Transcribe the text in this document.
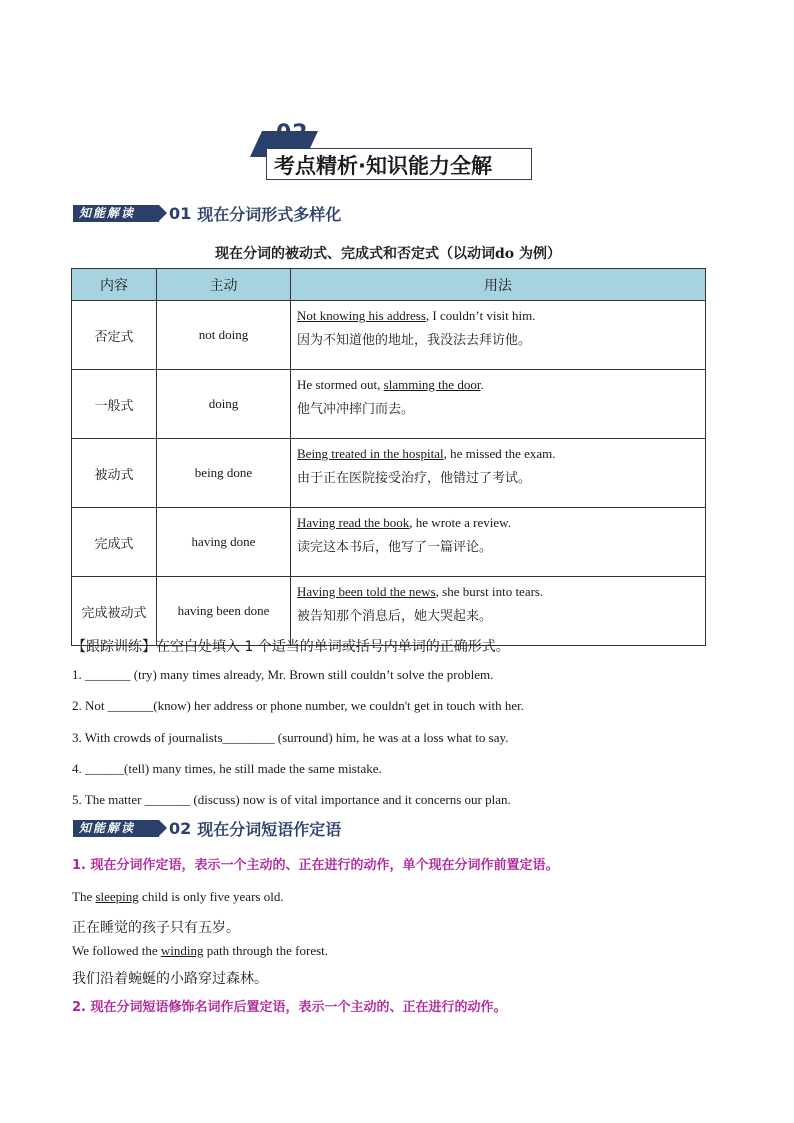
02
考点精析·知识能力全解
知能解读	01 现在分词形式多样化
现在分词的被动式、完成式和否定式（以动词do 为例）
内容	主动	用法
否定式	not doing	Not knowing his address, I couldn’t visit him.
因为不知道他的地址，我没法去拜访他。

一般式	doing	He stormed out, slamming the door.
他气冲冲摔门而去。

被动式	being done	Being treated in the hospital, he missed the exam.
由于正在医院接受治疗，他错过了考试。

完成式	having done	Having read the book, he wrote a review.
读完这本书后，他写了一篇评论。

完成被动式	having been done	Having been told the news, she burst into tears.
被告知那个消息后，她大哭起来。
【跟踪训练】在空白处填入 1 个适当的单词或括号内单词的正确形式。
1. _______ (try) many times already, Mr. Brown still couldn’t solve the problem.
2. Not _______(know) her address or phone number, we couldn't get in touch with her.
3. With crowds of journalists________ (surround) him, he was at a loss what to say.
4. ______(tell) many times, he still made the same mistake.
5. The matter _______ (discuss) now is of vital importance and it concerns our plan.
知能解读	02 现在分词短语作定语
1. 现在分词作定语，表示一个主动的、正在进行的动作，单个现在分词作前置定语。
The sleeping child is only five years old.
正在睡觉的孩子只有五岁。
We followed the winding path through the forest.
我们沿着蜿蜒的小路穿过森林。
2. 现在分词短语修饰名词作后置定语，表示一个主动的、正在进行的动作。
